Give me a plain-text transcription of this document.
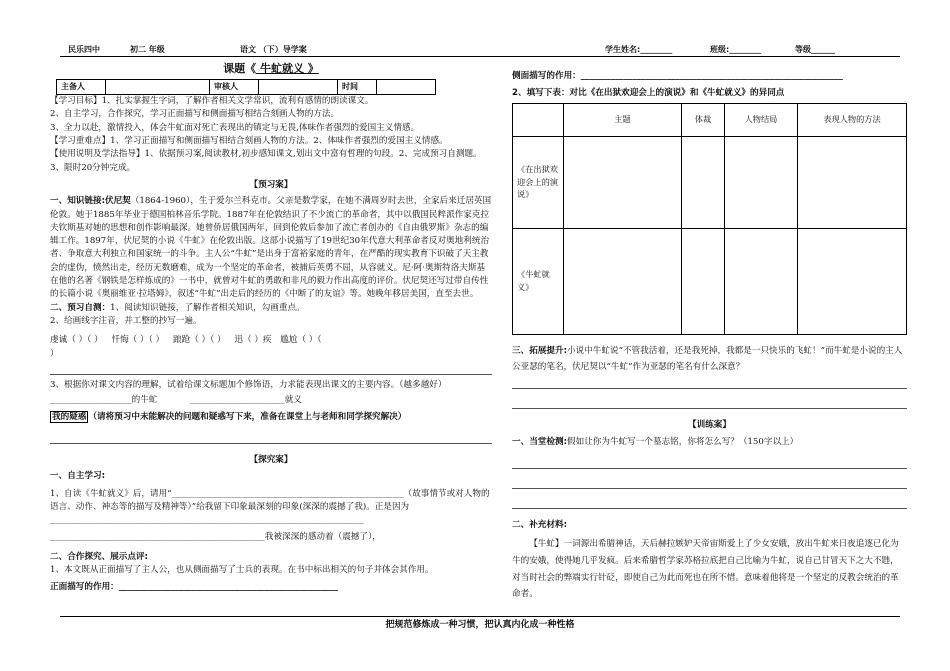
民乐四中	初二 年级	语文 （下）导学案	学生姓名:________	班级:________	等级______
课题《 牛虻就义 》
主备人		审核人		时间	

【学习目标】1、扎实掌握生字词，了解作者相关文学常识，流利有感情的朗读课文。

2、自主学习，合作探究，学习正面描写和侧面描写相结合刻画人物的方法。

3、全力以赴，激情投入，体会牛虻面对死亡表现出的镇定与无畏,体味作者强烈的爱国主义情感。

【学习重难点】1、学习正面描写和侧面描写相结合刻画人物的方法。2、体味作者强烈的爱国主义情感。

【使用说明及学法指导】1、依据预习案,阅读教材,初步感知课文,划出文中富有哲理的句段。2、完成预习自测题。 3、限时20分钟完成。

【预习案】

一、知识链接:伏尼契（1864-1960），生于爱尔兰科克市。父亲是数学家，在她不满周岁时去世，全家后来迁居英国伦敦。她于1885年毕业于德国柏林音乐学院。1887年在伦敦结识了不少流亡的革命者，其中以俄国民粹派作家克拉夫钦斯基对她的思想和创作影响最深。她曾侨居俄国两年，回到伦敦后参加了流亡者创办的《自由俄罗斯》杂志的编辑工作。1897年，伏尼契的小说《牛虻》在伦敦出版。这部小说描写了19世纪30年代意大利革命者反对奥地利统治者、争取意大利独立和国家统一的斗争。主人公“牛虻”是出身于富裕家庭的青年，在严酷的现实教育下识破了天主教会的虚伪，愤然出走，经历无数磨难，成为一个坚定的革命者，被捕后英勇不屈，从容就义。尼·阿·奥斯特洛夫斯基在他的名著《钢铁是怎样炼成的》一书中，就曾对牛虻的勇敢和非凡的毅力作出高度的评价。伏尼契还写过带自传性的长篇小说《奥丽维亚·拉塔姆》，叙述“牛虻”出走后的经历的《中断了的友谊》等。她晚年移居美国，直至去世。

二、预习自测：1、阅读知识链接，了解作者相关知识，勾画重点。

2、给画线字注音，并工整的抄写一遍。

虔诚（ ）（ ） 忏悔（ ）（ ） 踉跄（ ）（ ） 迅（ ）疾 尴尬（ ）（

）

3、根据你对课文内容的理解，试着给课文标题加个修饰语，力求能表现出课文的主要内容。（越多越好）

___________________的牛虻	______________________就义

我的疑惑 （请将预习中未能解决的问题和疑惑写下来，准备在课堂上与老师和同学探究解决）

【探究案】

一、自主学习:

1、自读《牛虻就义》后，请用“______________________________________________________（故事情节或对人物的语言、动作、神态等的描写及精神等）”给我留下印象最深刻的印象(深深的震撼了我)。正是因为_________________________________________________________________________

__________________________________________________我被深深的感动着（震撼了），

二、合作探究、展示点评:

1、本文既从正面描写了主人公，也从侧面描写了士兵的表现。在书中标出相关的句子并体会其作用。

正面描写的作用：___________________________________________________

侧面描写的作用：_____________________________________________________________

2、填写下表：对比《在出狱欢迎会上的演说》和《牛虻就义》的异同点

	主题	体裁	人物结局	表现人物的方法
《在出狱欢迎会上的演说》				
《牛虻就义》				

三、拓展提升:小说中牛虻说“不管我活着，还是我死掉，我都是一只快乐的飞虻！”而牛虻是小说的主人公亚瑟的笔名，伏尼契以“牛虻”作为亚瑟的笔名有什么深意？

【训练案】

一、当堂检测:假如让你为牛虻写一个墓志铭，你将怎么写？（150字以上）

二、补充材料:

【牛虻】一词源出希腊神话，天后赫拉嫉妒天帝宙斯爱上了少女安娥，放出牛虻来日夜追逐已化为牛的安娥，使得她几乎发疯。后来希腊哲学家苏格拉底把自己比喻为牛虻，说自己甘冒天下之大不韪，对当时社会的弊端实行针砭，即使自己为此而死也在所不惜。意味着他将是一个坚定的反教会统治的革命者。

把规范修炼成一种习惯，把认真内化成一种性格
